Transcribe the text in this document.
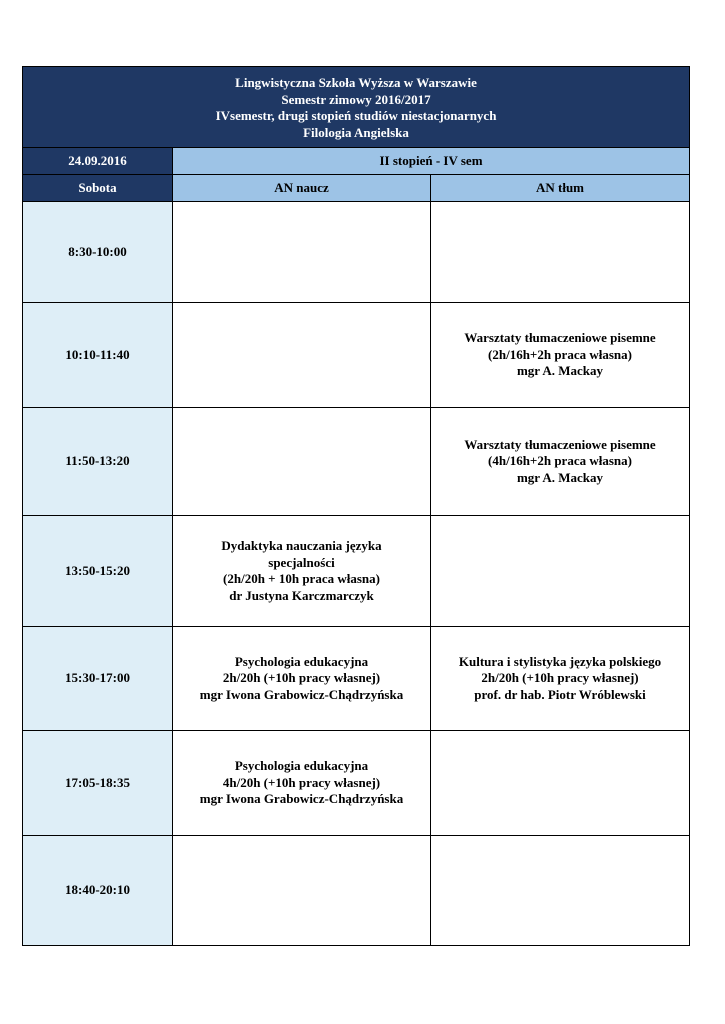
Lingwistyczna Szkoła Wyższa w Warszawie
Semestr zimowy 2016/2017
IVsemestr, drugi stopień studiów niestacjonarnych
Filologia Angielska		

24.09.2016	II stopień - IV sem	
Sobota	AN naucz	AN tłum
8:30-10:00		
10:10-11:40		Warsztaty tłumaczeniowe pisemne
(2h/16h+2h praca własna)
mgr A. Mackay

11:50-13:20		Warsztaty tłumaczeniowe pisemne
(4h/16h+2h praca własna)
mgr A. Mackay

13:50-15:20	Dydaktyka nauczania języka
specjalności
(2h/20h + 10h praca własna)
dr Justyna Karczmarczyk	

15:30-17:00	Psychologia edukacyjna
2h/20h (+10h pracy własnej)
mgr Iwona Grabowicz-Chądrzyńska	Kultura i stylistyka języka polskiego
2h/20h (+10h pracy własnej)
prof. dr hab. Piotr Wróblewski

17:05-18:35	Psychologia edukacyjna
4h/20h (+10h pracy własnej)
mgr Iwona Grabowicz-Chądrzyńska	

18:40-20:10		
